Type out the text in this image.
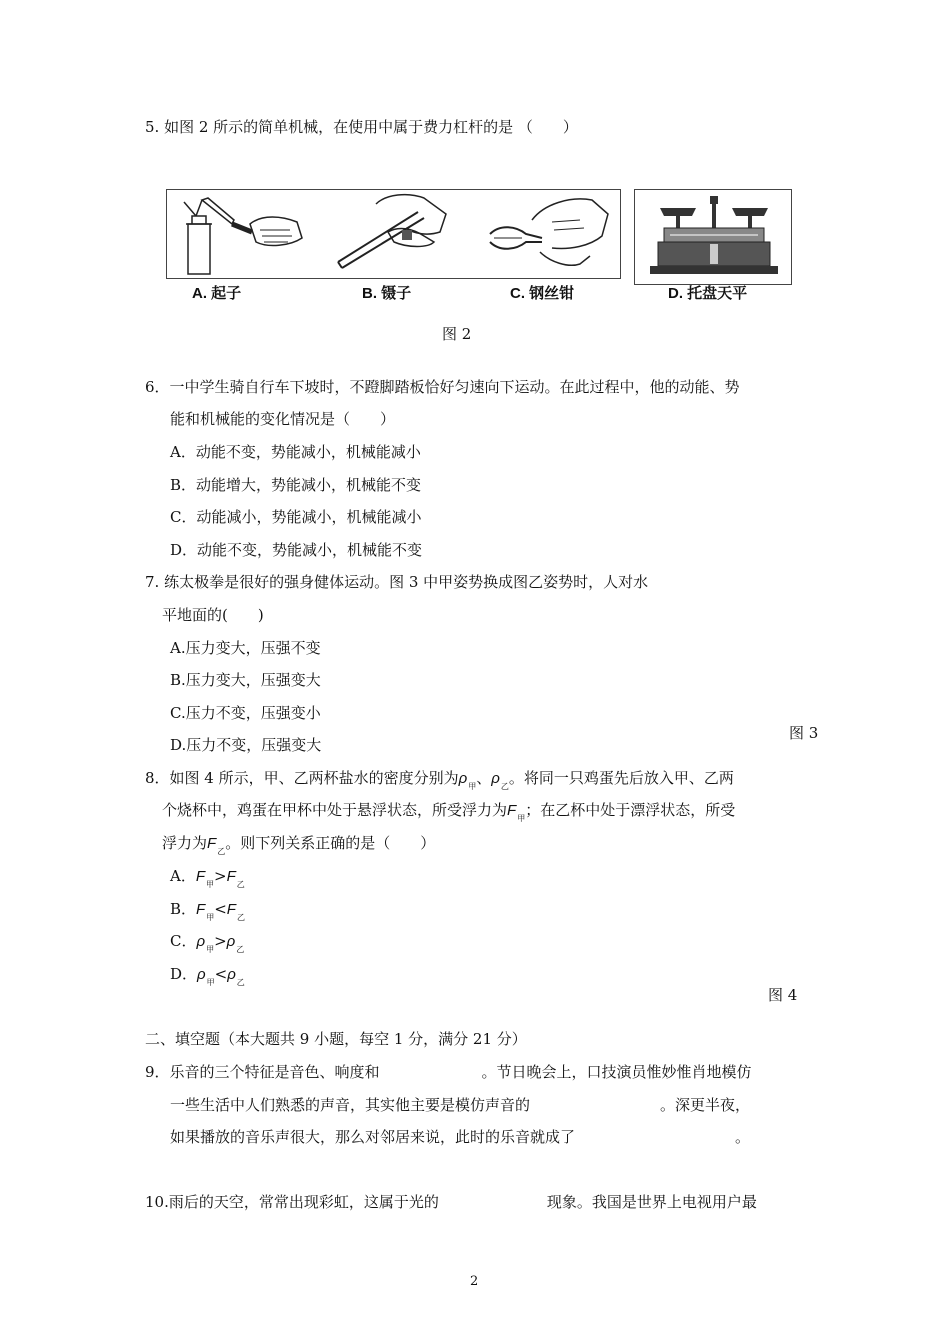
5. 如图 2 所示的简单机械，在使用中属于费力杠杆的是 （　　）
A. 起子	B. 镊子	C. 钢丝钳	D. 托盘天平
图 2
6．一中学生骑自行车下坡时，不蹬脚踏板恰好匀速向下运动。在此过程中，他的动能、势
能和机械能的变化情况是（　　）
A．动能不变，势能减小，机械能减小
B．动能增大，势能减小，机械能不变
C．动能减小，势能减小，机械能减小
D．动能不变，势能减小，机械能不变
7. 练太极拳是很好的强身健体运动。图 3 中甲姿势换成图乙姿势时，人对水
平地面的(　　)
A.压力变大，压强不变
B.压力变大，压强变大
C.压力不变，压强变小
D.压力不变，压强变大
图 3
8．如图 4 所示，甲、乙两杯盐水的密度分别为$\rho_甲$、$\rho_乙$。将同一只鸡蛋先后放入甲、乙两
个烧杯中，鸡蛋在甲杯中处于悬浮状态，所受浮力为$F_甲$；在乙杯中处于漂浮状态，所受
浮力为$F_乙$。则下列关系正确的是（　　）
A．$F_甲>F_乙$
B．$F_甲<F_乙$
C．$\rho_甲>\rho_乙$
D．$\rho_甲<\rho_乙$
图 4
二、填空题（本大题共 9 小题，每空 1 分，满分 21 分）
9．乐音的三个特征是音色、响度和	。节日晚会上，口技演员惟妙惟肖地模仿
一些生活中人们熟悉的声音，其实他主要是模仿声音的	。深更半夜，
如果播放的音乐声很大，那么对邻居来说，此时的乐音就成了	。
10.雨后的天空，常常出现彩虹，这属于光的	现象。我国是世界上电视用户最
2
